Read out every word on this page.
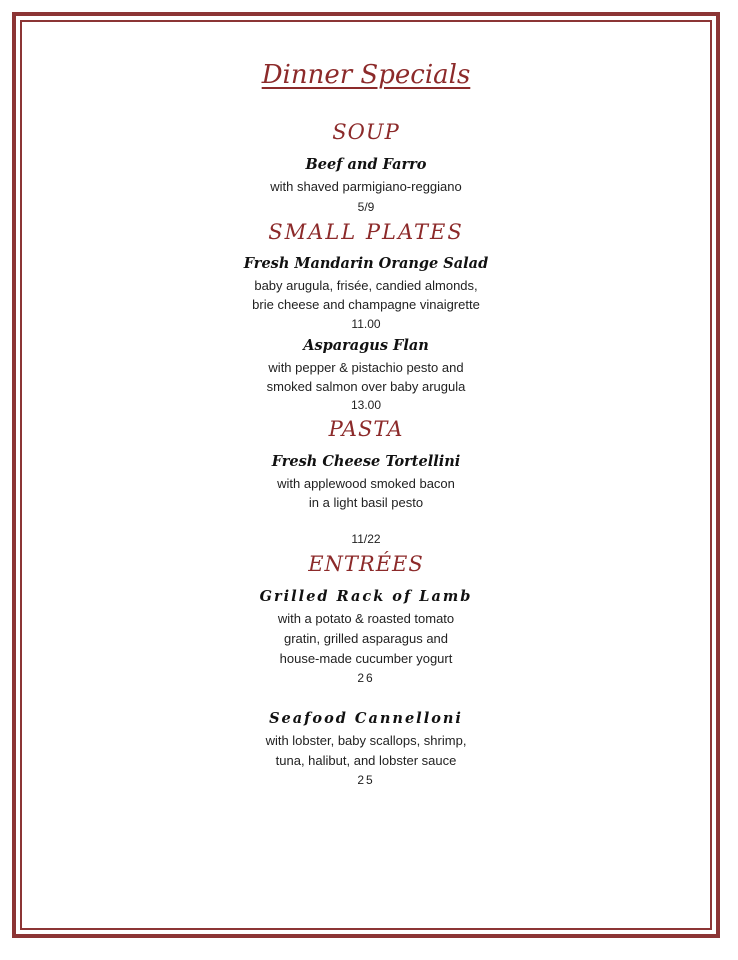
Dinner Specials
SOUP
Beef and Farro
with shaved parmigiano-reggiano
5/9
SMALL PLATES
Fresh Mandarin Orange Salad
baby arugula, frisée, candied almonds,
brie cheese and champagne vinaigrette
11.00
Asparagus Flan
with pepper & pistachio pesto and
smoked salmon over baby arugula
13.00
PASTA
Fresh Cheese Tortellini
with applewood smoked bacon
in a light basil pesto
11/22
ENTRÉES
Grilled Rack of Lamb
with a potato & roasted tomato
gratin, grilled asparagus and
house-made cucumber yogurt
26
Seafood Cannelloni
with lobster, baby scallops, shrimp,
tuna, halibut, and lobster sauce
25
